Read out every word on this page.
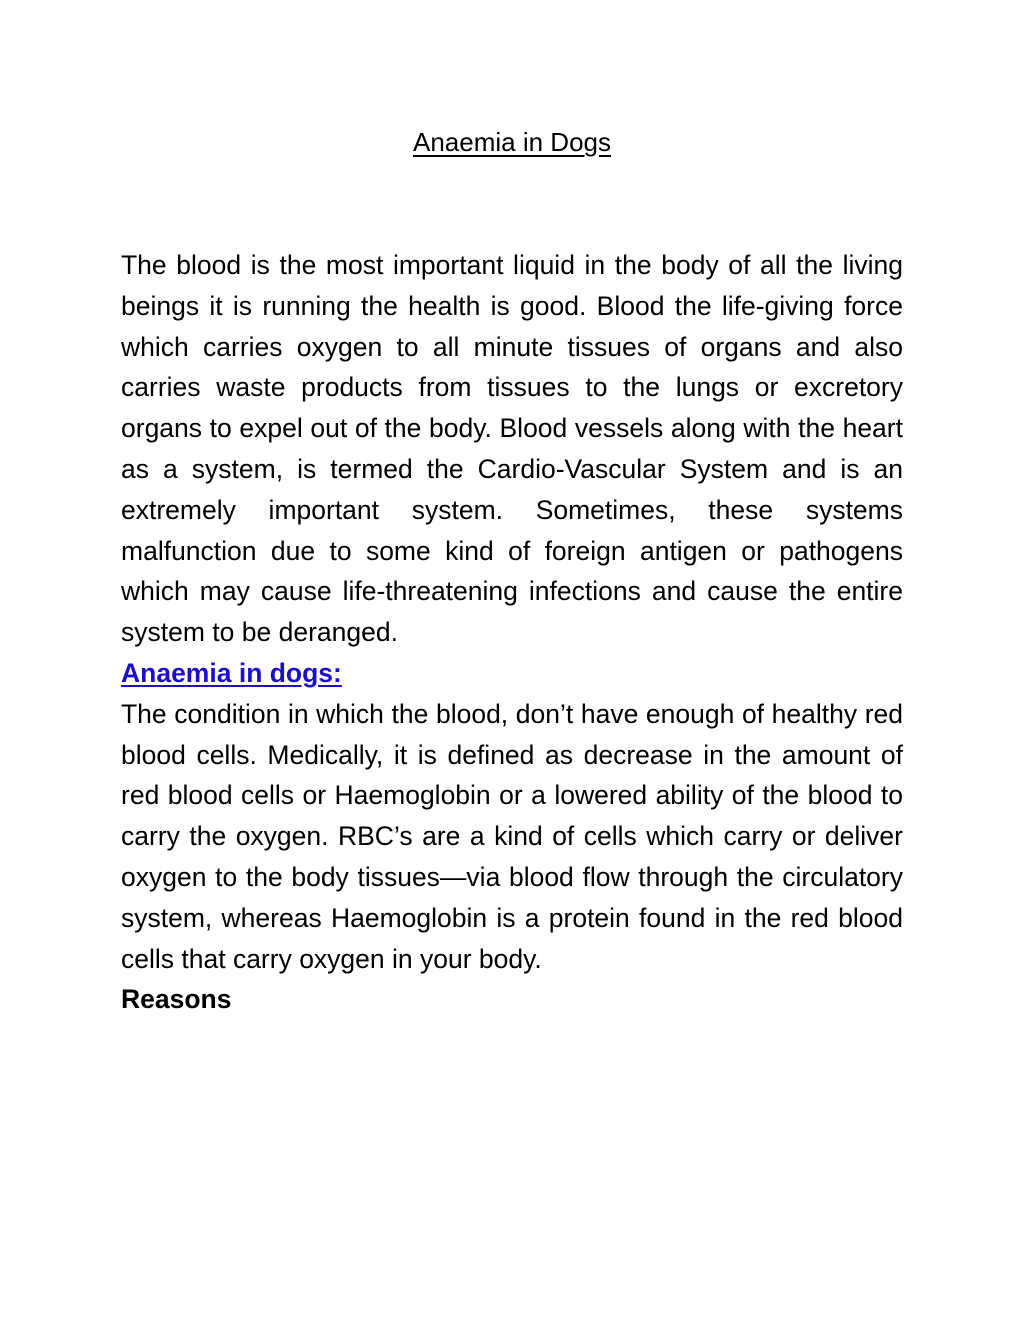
Anaemia in Dogs

The blood is the most important liquid in the body of all the living beings it is running the health is good. Blood the life-giving force which carries oxygen to all minute tissues of organs and also carries waste products from tissues to the lungs or excretory organs to expel out of the body. Blood vessels along with the heart as a system, is termed the Cardio-Vascular System and is an extremely important system. Sometimes, these systems malfunction due to some kind of foreign antigen or pathogens which may cause life-threatening infections and cause the entire system to be deranged.

Anaemia in dogs:

The condition in which the blood, don’t have enough of healthy red blood cells. Medically, it is defined as decrease in the amount of red blood cells or Haemoglobin or a lowered ability of the blood to carry the oxygen. RBC’s are a kind of cells which carry or deliver oxygen to the body tissues—via blood flow through the circulatory system, whereas Haemoglobin is a protein found in the red blood cells that carry oxygen in your body.

Reasons
